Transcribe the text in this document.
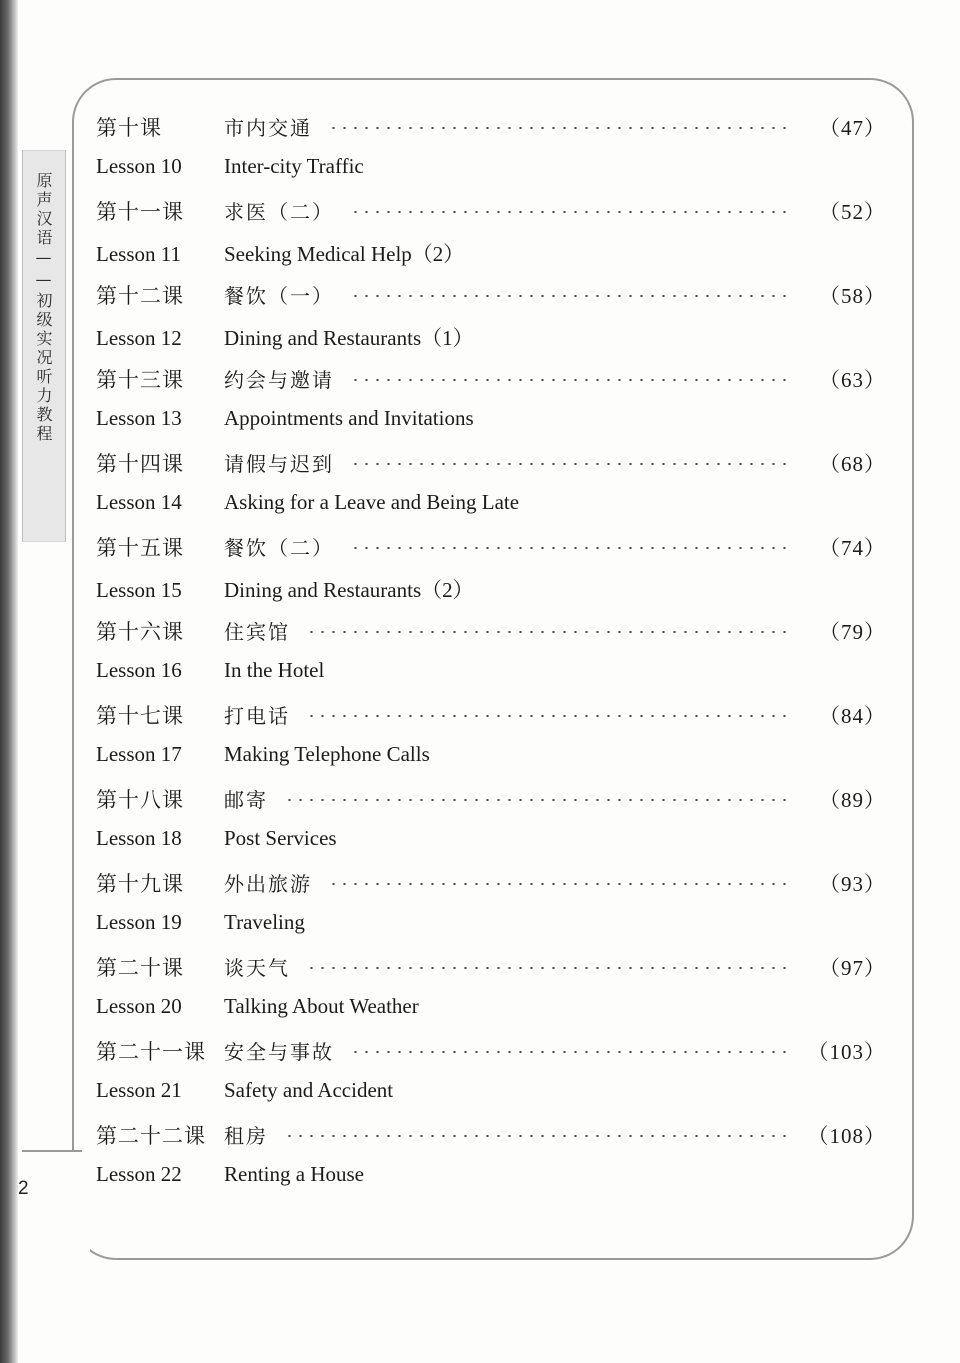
原声汉语——初级实况听力教程
2
第十课	市内交通	（47）
Lesson 10	Inter-city Traffic
第十一课	求医（二）	（52）
Lesson 11	Seeking Medical Help（2）
第十二课	餐饮（一）	（58）
Lesson 12	Dining and Restaurants（1）
第十三课	约会与邀请	（63）
Lesson 13	Appointments and Invitations
第十四课	请假与迟到	（68）
Lesson 14	Asking for a Leave and Being Late
第十五课	餐饮（二）	（74）
Lesson 15	Dining and Restaurants（2）
第十六课	住宾馆	（79）
Lesson 16	In the Hotel
第十七课	打电话	（84）
Lesson 17	Making Telephone Calls
第十八课	邮寄	（89）
Lesson 18	Post Services
第十九课	外出旅游	（93）
Lesson 19	Traveling
第二十课	谈天气	（97）
Lesson 20	Talking About Weather
第二十一课 安全与事故	（103）
Lesson 21	Safety and Accident
第二十二课 租房	（108）
Lesson 22	Renting a House
